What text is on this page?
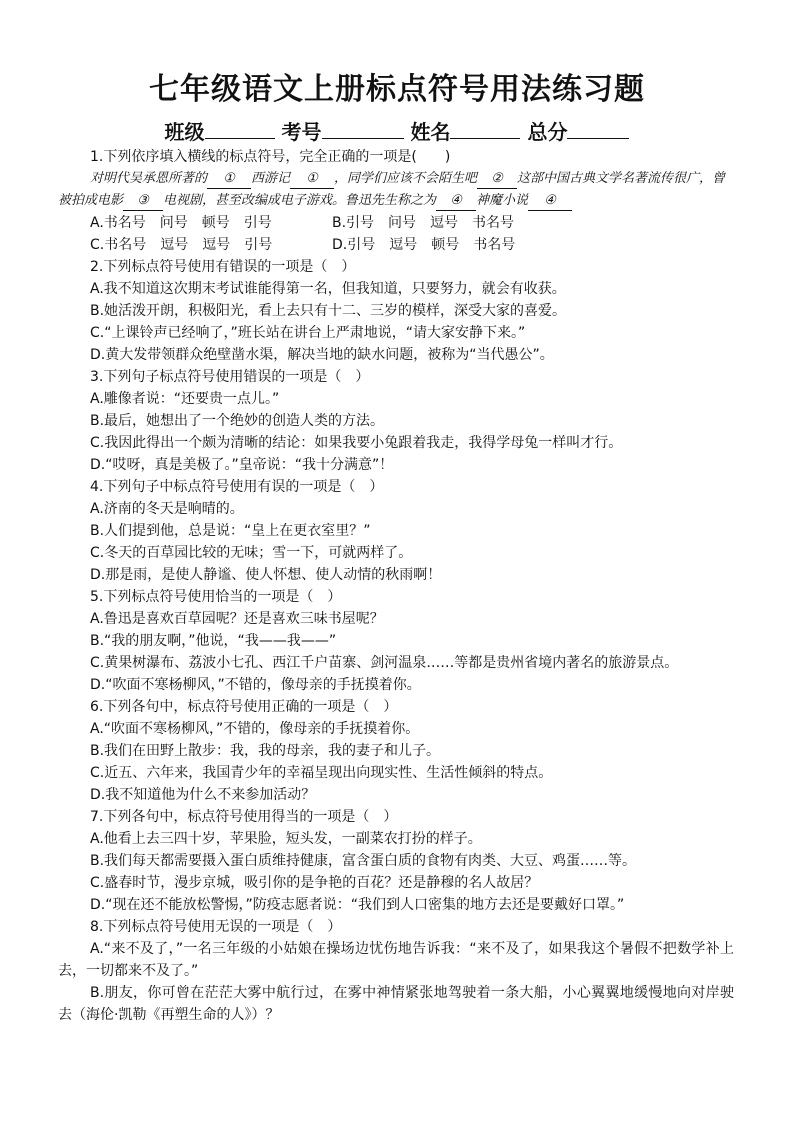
七年级语文上册标点符号用法练习题
班级	考号	姓名	总分
1.下列依序填入横线的标点符号，完全正确的一项是(　　)
对明代吴承恩所著的 ① 西游记 ① ，同学们应该不会陌生吧 ② 这部中国古典文学名著流传很广，曾被拍成电影 ③ 电视剧，甚至改编成电子游戏。鲁迅先生称之为 ④ 神魔小说 ④
A.书名号　问号　顿号　引号	B.引号　问号　逗号　书名号
C.书名号　逗号　逗号　引号	D.引号　逗号　顿号　书名号
2.下列标点符号使用有错误的一项是（　）
A.我不知道这次期末考试谁能得第一名，但我知道，只要努力，就会有收获。
B.她活泼开朗，积极阳光，看上去只有十二、三岁的模样，深受大家的喜爱。
C.“上课铃声已经响了，”班长站在讲台上严肃地说，“请大家安静下来。”
D.黄大发带领群众绝壁凿水渠，解决当地的缺水问题，被称为“当代愚公”。
3.下列句子标点符号使用错误的一项是（　）
A.雕像者说：“还要贵一点儿。”
B.最后，她想出了一个绝妙的创造人类的方法。
C.我因此得出一个颇为清晰的结论：如果我要小兔跟着我走，我得学母兔一样叫才行。
D.“哎呀，真是美极了。”皇帝说：“我十分满意”！
4.下列句子中标点符号使用有误的一项是（　）
A.济南的冬天是响晴的。
B.人们提到他，总是说：“皇上在更衣室里？”
C.冬天的百草园比较的无味；雪一下，可就两样了。
D.那是雨，是使人静谧、使人怀想、使人动情的秋雨啊！
5.下列标点符号使用恰当的一项是（　）
A.鲁迅是喜欢百草园呢？还是喜欢三味书屋呢？
B.“我的朋友啊，”他说，“我——我——”
C.黄果树瀑布、荔波小七孔、西江千户苗寨、剑河温泉……等都是贵州省境内著名的旅游景点。
D.“吹面不寒杨柳风，”不错的，像母亲的手抚摸着你。
6.下列各句中，标点符号使用正确的一项是（　）
A.“吹面不寒杨柳风，”不错的，像母亲的手抚摸着你。
B.我们在田野上散步：我，我的母亲，我的妻子和儿子。
C.近五、六年来，我国青少年的幸福呈现出向现实性、生活性倾斜的特点。
D.我不知道他为什么不来参加活动？
7.下列各句中，标点符号使用得当的一项是（　）
A.他看上去三四十岁，苹果脸，短头发，一副菜农打扮的样子。
B.我们每天都需要摄入蛋白质维持健康，富含蛋白质的食物有肉类、大豆、鸡蛋……等。
C.盛春时节，漫步京城，吸引你的是争艳的百花？还是静穆的名人故居？
D.“现在还不能放松警惕，”防疫志愿者说：“我们到人口密集的地方去还是要戴好口罩。”
8.下列标点符号使用无误的一项是（　）
A.“来不及了，”一名三年级的小姑娘在操场边忧伤地告诉我：“来不及了，如果我这个暑假不把数学补上去，一切都来不及了。”
B.朋友，你可曾在茫茫大雾中航行过，在雾中神情紧张地驾驶着一条大船，小心翼翼地缓慢地向对岸驶去（海伦·凯勒《再塑生命的人》）？
